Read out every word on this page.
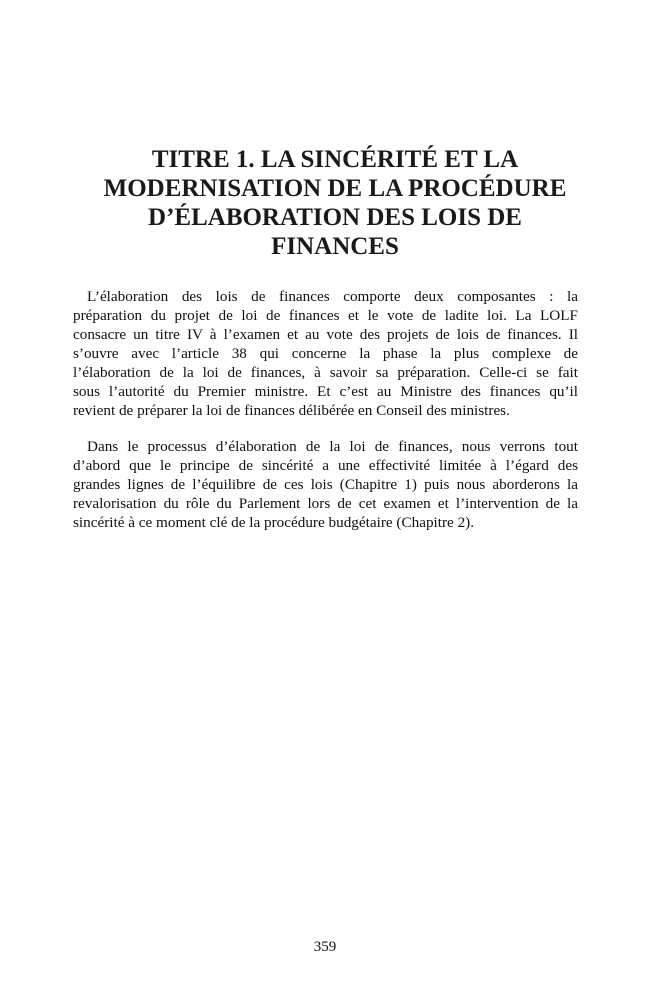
TITRE 1. LA SINCÉRITÉ ET LA
MODERNISATION DE LA PROCÉDURE
D’ÉLABORATION DES LOIS DE
FINANCES

L’élaboration des lois de finances comporte deux composantes : la
préparation du projet de loi de finances et le vote de ladite loi. La LOLF
consacre un titre IV à l’examen et au vote des projets de lois de finances. Il
s’ouvre avec l’article 38 qui concerne la phase la plus complexe de
l’élaboration de la loi de finances, à savoir sa préparation. Celle-ci se fait
sous l’autorité du Premier ministre. Et c’est au Ministre des finances qu’il
revient de préparer la loi de finances délibérée en Conseil des ministres.

Dans le processus d’élaboration de la loi de finances, nous verrons tout
d’abord que le principe de sincérité a une effectivité limitée à l’égard des
grandes lignes de l’équilibre de ces lois (Chapitre 1) puis nous aborderons la
revalorisation du rôle du Parlement lors de cet examen et l’intervention de la
sincérité à ce moment clé de la procédure budgétaire (Chapitre 2).

359
